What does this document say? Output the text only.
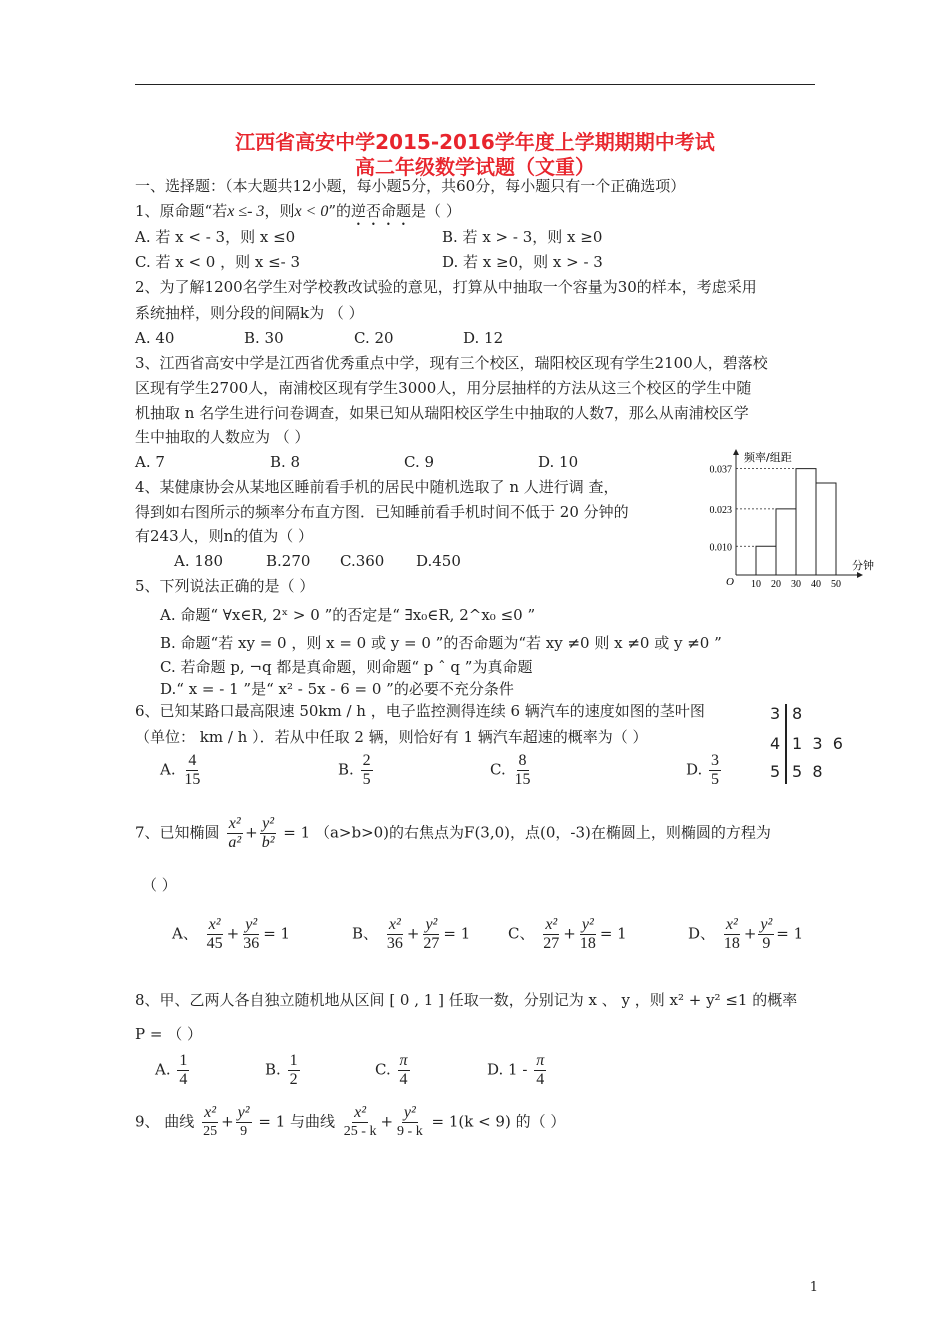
江西省高安中学2015-2016学年度上学期期期中考试
高二年级数学试题（文重）
一、选择题：（本大题共12小题，每小题5分，共60分，每小题只有一个正确选项）
1、原命题“若x ≤- 3，则x < 0”的逆否命题是（ ）
A. 若 x < - 3，则 x ≤0	B. 若 x > - 3，则 x ≥0
C. 若 x < 0 ，则 x ≤- 3	D. 若 x ≥0，则 x > - 3
2、为了解1200名学生对学校教改试验的意见，打算从中抽取一个容量为30的样本，考虑采用
系统抽样，则分段的间隔k为 （ ）
A. 40	B. 30	C. 20	D. 12
3、江西省高安中学是江西省优秀重点中学，现有三个校区，瑞阳校区现有学生2100人，碧落校
区现有学生2700人，南浦校区现有学生3000人，用分层抽样的方法从这三个校区的学生中随
机抽取 n 名学生进行问卷调查，如果已知从瑞阳校区学生中抽取的人数7，那么从南浦校区学
生中抽取的人数应为 （ ）
A. 7	B. 8	C. 9	D. 10
4、某健康协会从某地区睡前看手机的居民中随机选取了 n 人进行调 查，
得到如右图所示的频率分布直方图．已知睡前看手机时间不低于 20 分钟的
有243人，则n的值为（ ）
A. 180	B.270 C.360 D.450
0.010
0.023
0.037
10 20 30 40 50
O
频率/组距
分钟
5、下列说法正确的是（ ）
A. 命题“ ∀x∈R, 2ˣ > 0 ”的否定是“ ∃x₀∈R, 2^x₀ ≤0 ”
B. 命题“若 xy = 0 ，则 x = 0 或 y = 0 ”的否命题为“若 xy ≠0 则 x ≠0 或 y ≠0 ”
C. 若命题 p, ¬q 都是真命题，则命题“ p ˆ q ”为真命题
D.“ x = - 1 ”是“ x² - 5x - 6 = 0 ”的必要不充分条件
6、已知某路口最高限速 50km / h ，电子监控测得连续 6 辆汽车的速度如图的茎叶图
（单位： km / h ）．若从中任取 2 辆，则恰好有 1 辆汽车超速的概率为（ ）
A. $\frac{4}{15}$	B. $\frac{2}{5}$	C. $\frac{8}{15}$	D. $\frac{3}{5}$
3 8
4 1  3  6
5 5  8
7、已知椭圆 $\frac{\text{x²}}{\text{a²}} + \frac{\text{y²}}{\text{b²}} = 1$ （a>b>0)的右焦点为F(3,0)，点(0，-3)在椭圆上，则椭圆的方程为
（ ）
A、 $\frac{\text{x²}}{45} + \frac{\text{y²}}{36} = 1$	B、 $\frac{\text{x²}}{36} + \frac{\text{y²}}{27} = 1$	C、 $\frac{\text{x²}}{27} + \frac{\text{y²}}{18} = 1$	D、 $\frac{\text{x²}}{18} + \frac{\text{y²}}{9} = 1$
8、甲、乙两人各自独立随机地从区间 [ 0 , 1 ] 任取一数，分别记为 x 、 y ，则 x² + y² ≤1 的概率
P = （ ）
A. $\frac{1}{4}$	B. $\frac{1}{2}$	C. $\frac{\pi}{4}$	D. $1 - \frac{\pi}{4}$
9、 曲线 $\frac{\text{x²}}{25} + \frac{\text{y²}}{9} = 1$ 与曲线 $\frac{\text{x²}}{25 - k} + \frac{\text{y²}}{9 - k} = 1(k < 9)$ 的（ ）
1
